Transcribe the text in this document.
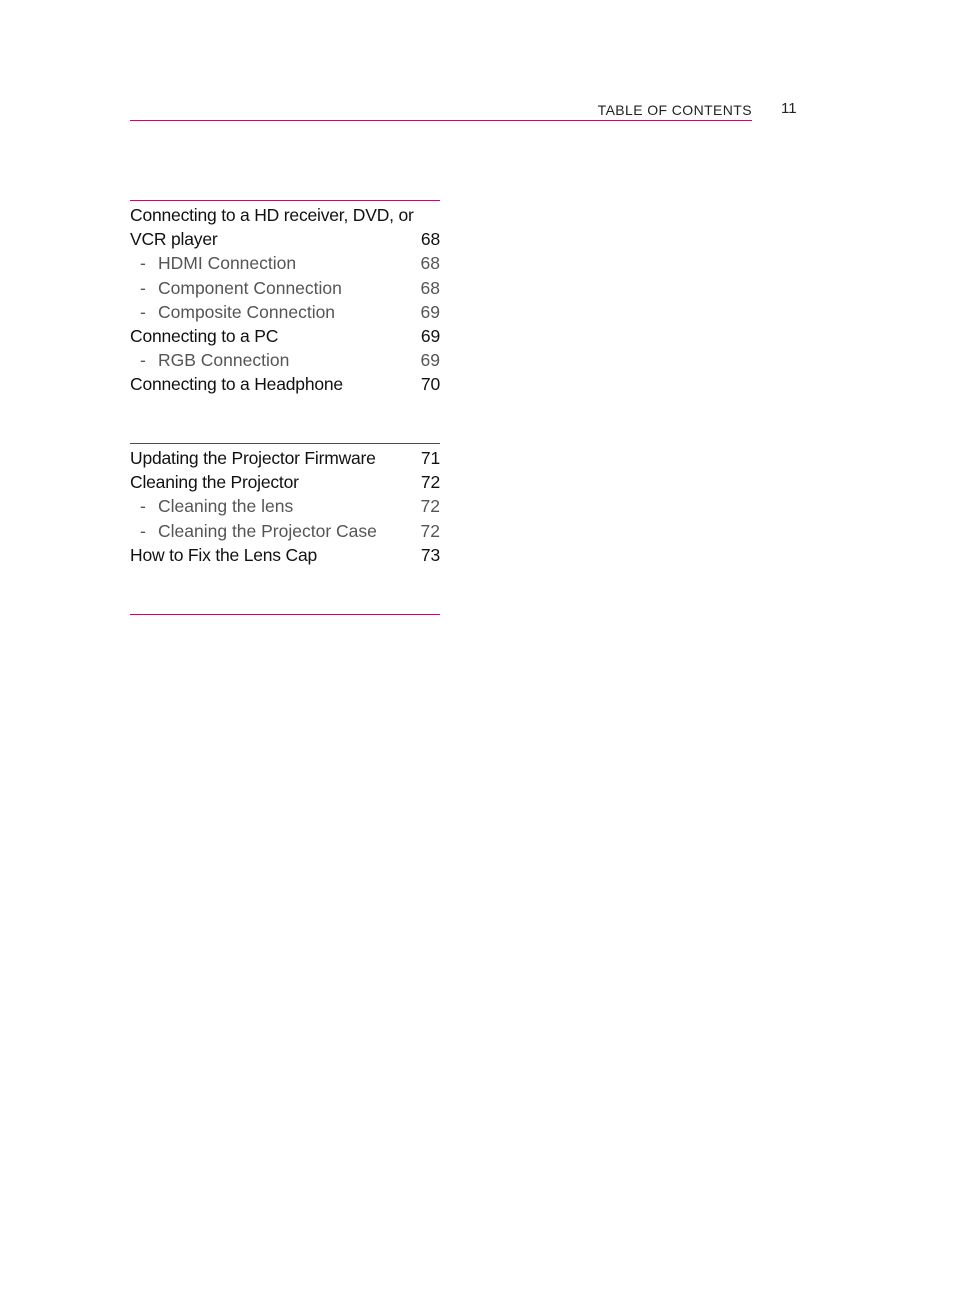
TABLE OF CONTENTS 11
Connecting to a HD receiver, DVD, or
VCR player	68
- HDMI Connection	68
- Component Connection	68
- Composite Connection	69
Connecting to a PC	69
- RGB Connection	69
Connecting to a Headphone	70
Updating the Projector Firmware	71
Cleaning the Projector	72
- Cleaning the lens	72
- Cleaning the Projector Case 72
How to Fix the Lens Cap	73
